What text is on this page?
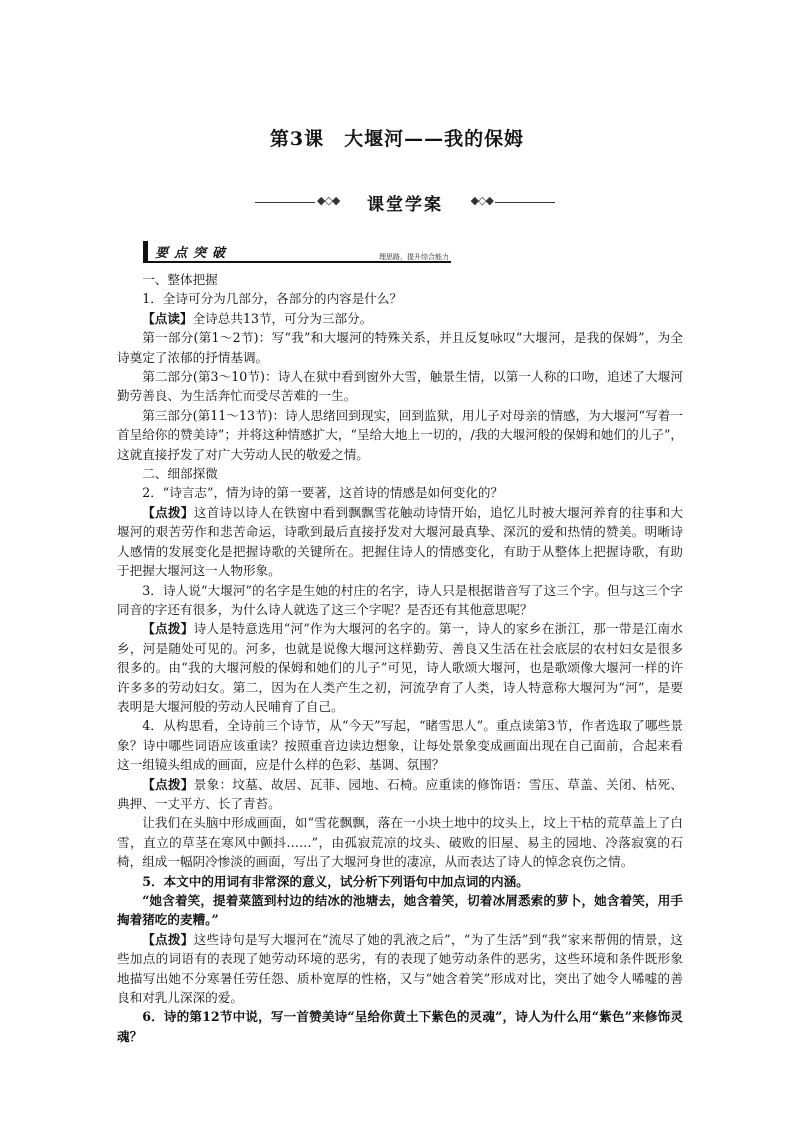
第3课　大堰河——我的保姆
◆◇◆	课堂学案	◆◇◆
要点突破	理思路，提升综合能力

一、整体把握

1．全诗可分为几部分，各部分的内容是什么？

【点读】全诗总共13节，可分为三部分。

第一部分(第1～2节)：写“我”和大堰河的特殊关系，并且反复咏叹“大堰河，是我的保姆”，为全诗奠定了浓郁的抒情基调。

第二部分(第3～10节)：诗人在狱中看到窗外大雪，触景生情，以第一人称的口吻，追述了大堰河勤劳善良、为生活奔忙而受尽苦难的一生。

第三部分(第11～13节)：诗人思绪回到现实，回到监狱，用儿子对母亲的情感，为大堰河“写着一首呈给你的赞美诗”；并将这种情感扩大，“呈给大地上一切的，/我的大堰河般的保姆和她们的儿子”，这就直接抒发了对广大劳动人民的敬爱之情。

二、细部探微

2．“诗言志”，情为诗的第一要著，这首诗的情感是如何变化的？

【点拨】这首诗以诗人在铁窗中看到飘飘雪花触动诗情开始，追忆儿时被大堰河养育的往事和大堰河的艰苦劳作和悲苦命运，诗歌到最后直接抒发对大堰河最真挚、深沉的爱和热情的赞美。明晰诗人感情的发展变化是把握诗歌的关键所在。把握住诗人的情感变化，有助于从整体上把握诗歌，有助于把握大堰河这一人物形象。

3．诗人说“大堰河”的名字是生她的村庄的名字，诗人只是根据谐音写了这三个字。但与这三个字同音的字还有很多，为什么诗人就选了这三个字呢？是否还有其他意思呢？

【点拨】诗人是特意选用“河”作为大堰河的名字的。第一，诗人的家乡在浙江，那一带是江南水乡，河是随处可见的。河多，也就是说像大堰河这样勤劳、善良又生活在社会底层的农村妇女是很多很多的。由“我的大堰河般的保姆和她们的儿子”可见，诗人歌颂大堰河，也是歌颂像大堰河一样的许许多多的劳动妇女。第二，因为在人类产生之初，河流孕育了人类，诗人特意称大堰河为“河”，是要表明是大堰河般的劳动人民哺育了自己。

4．从构思看，全诗前三个诗节，从“今天”写起，“睹雪思人”。重点读第3节，作者选取了哪些景象？诗中哪些词语应该重读？按照重音边读边想象，让每处景象变成画面出现在自己面前，合起来看这一组镜头组成的画面，应是什么样的色彩、基调、氛围？

【点拨】景象：坟墓、故居、瓦菲、园地、石椅。应重读的修饰语：雪压、草盖、关闭、枯死、典押、一丈平方、长了青苔。

让我们在头脑中形成画面，如“雪花飘飘，落在一小块土地中的坟头上，坟上干枯的荒草盖上了白雪，直立的草茎在寒风中颤抖……”，由孤寂荒凉的坟头、破败的旧屋、易主的园地、冷落寂寞的石椅，组成一幅阴冷惨淡的画面，写出了大堰河身世的凄凉，从而表达了诗人的悼念哀伤之情。

5．本文中的用词有非常深的意义，试分析下列语句中加点词的内涵。

“她含着笑，提着菜篮到村边的结冰的池塘去，她含着笑，切着冰屑悉索的萝卜，她含着笑，用手掏着猪吃的麦糟。”

【点拨】这些诗句是写大堰河在“流尽了她的乳液之后”，“为了生活”到“我”家来帮佣的情景，这些加点的词语有的表现了她劳动环境的恶劣，有的表现了她劳动条件的恶劣，这些环境和条件既形象地描写出她不分寒暑任劳任怨、质朴宽厚的性格，又与“她含着笑”形成对比，突出了她令人唏嘘的善良和对乳儿深深的爱。

6．诗的第12节中说，写一首赞美诗“呈给你黄土下紫色的灵魂”，诗人为什么用“紫色”来修饰灵魂？
